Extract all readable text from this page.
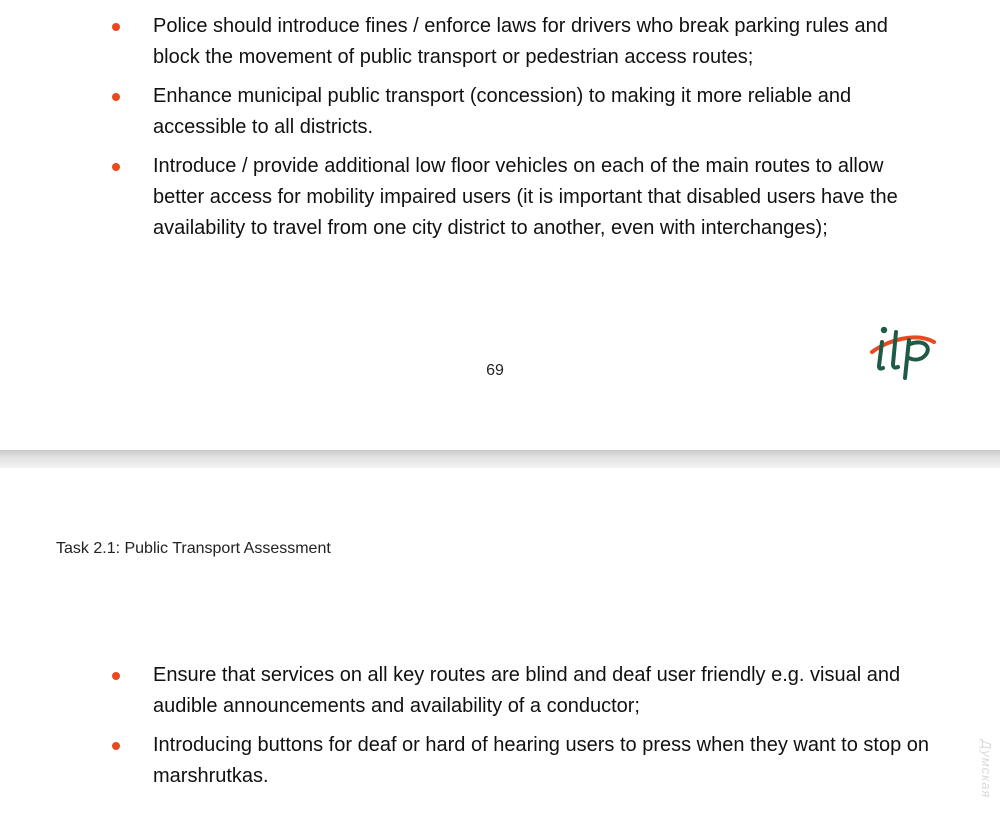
Police should introduce fines / enforce laws for drivers who break parking rules and block the movement of public transport or pedestrian access routes;
Enhance municipal public transport (concession) to making it more reliable and accessible to all districts.
Introduce / provide additional low floor vehicles on each of the main routes to allow better access for mobility impaired users (it is important that disabled users have the availability to travel from one city district to another, even with interchanges);
69
Task 2.1: Public Transport Assessment
Ensure that services on all key routes are blind and deaf user friendly e.g. visual and audible announcements and availability of a conductor;
Introducing buttons for deaf or hard of hearing users to press when they want to stop on marshrutkas.	Думская
